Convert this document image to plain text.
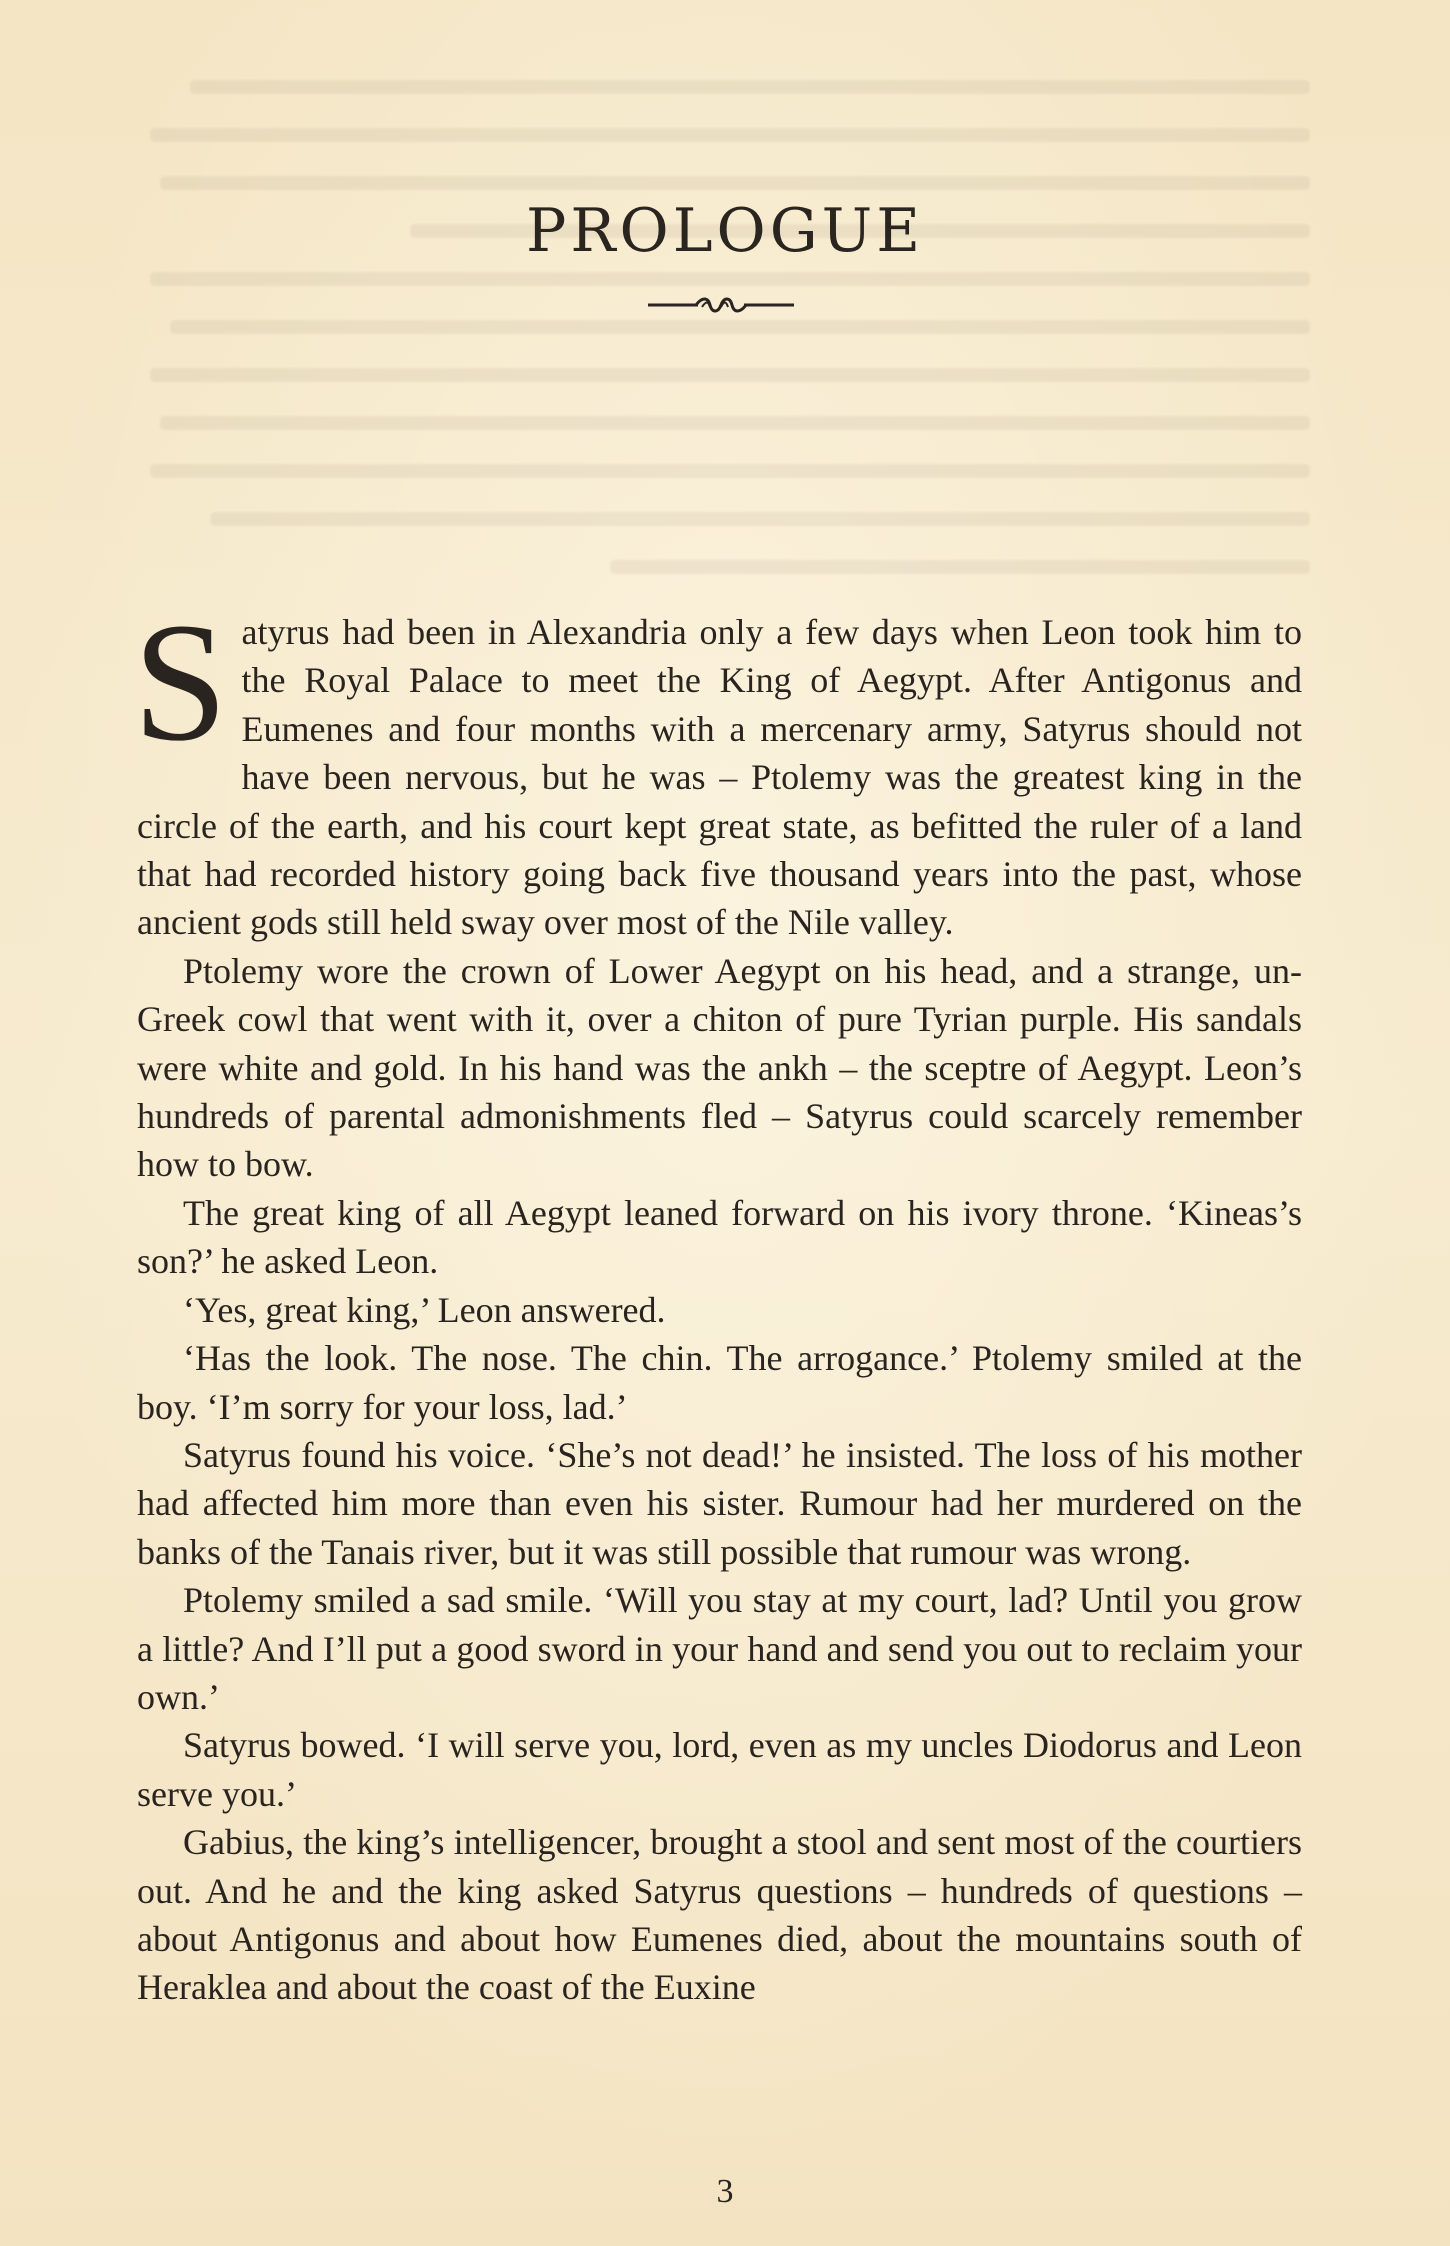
PROLOGUE

Satyrus had been in Alexandria only a few days when Leon took him to the Royal Palace to meet the King of Aegypt. After Antigonus and Eumenes and four months with a mercenary army, Satyrus should not have been nervous, but he was – Ptolemy was the greatest king in the circle of the earth, and his court kept great state, as befitted the ruler of a land that had recorded history going back five thousand years into the past, whose ancient gods still held sway over most of the Nile valley.

Ptolemy wore the crown of Lower Aegypt on his head, and a strange, un-Greek cowl that went with it, over a chiton of pure Tyrian purple. His sandals were white and gold. In his hand was the ankh – the sceptre of Aegypt. Leon’s hundreds of parental admonishments fled – Satyrus could scarcely remember how to bow.

The great king of all Aegypt leaned forward on his ivory throne. ‘Kineas’s son?’ he asked Leon.

‘Yes, great king,’ Leon answered.

‘Has the look. The nose. The chin. The arrogance.’ Ptolemy smiled at the boy. ‘I’m sorry for your loss, lad.’

Satyrus found his voice. ‘She’s not dead!’ he insisted. The loss of his mother had affected him more than even his sister. Rumour had her murdered on the banks of the Tanais river, but it was still possible that rumour was wrong.

Ptolemy smiled a sad smile. ‘Will you stay at my court, lad? Until you grow a little? And I’ll put a good sword in your hand and send you out to reclaim your own.’

Satyrus bowed. ‘I will serve you, lord, even as my uncles Diodorus and Leon serve you.’

Gabius, the king’s intelligencer, brought a stool and sent most of the courtiers out. And he and the king asked Satyrus questions – hundreds of questions – about Antigonus and about how Eumenes died, about the mountains south of Heraklea and about the coast of the Euxine

3
